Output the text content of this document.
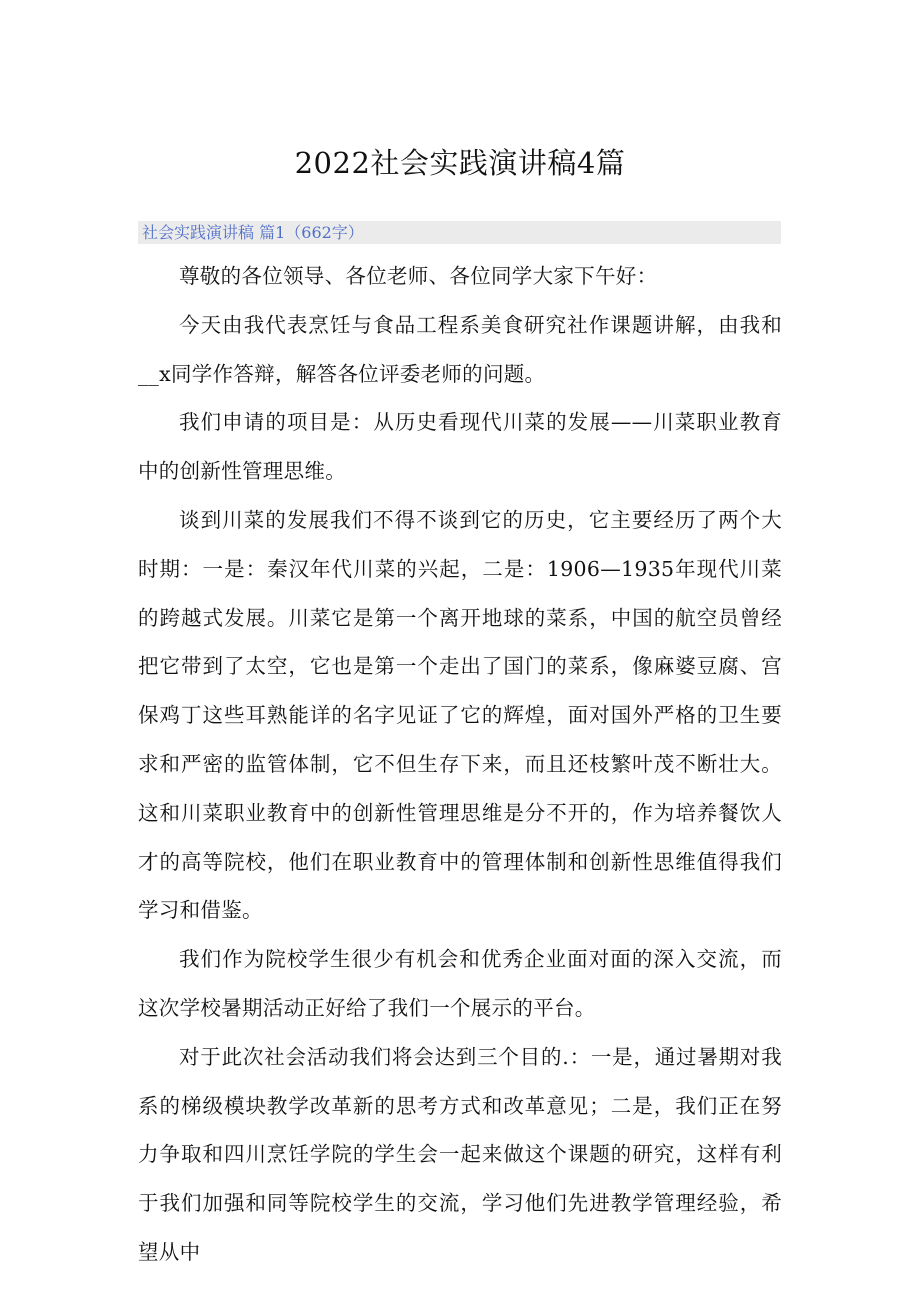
2022社会实践演讲稿4篇
社会实践演讲稿 篇1（662字）

尊敬的各位领导、各位老师、各位同学大家下午好：

今天由我代表烹饪与食品工程系美食研究社作课题讲解，由我和__x同学作答辩，解答各位评委老师的问题。

我们申请的项目是：从历史看现代川菜的发展——川菜职业教育中的创新性管理思维。

谈到川菜的发展我们不得不谈到它的历史，它主要经历了两个大时期：一是：秦汉年代川菜的兴起，二是：1906—1935年现代川菜的跨越式发展。川菜它是第一个离开地球的菜系，中国的航空员曾经把它带到了太空，它也是第一个走出了国门的菜系，像麻婆豆腐、宫保鸡丁这些耳熟能详的名字见证了它的辉煌，面对国外严格的卫生要求和严密的监管体制，它不但生存下来，而且还枝繁叶茂不断壮大。这和川菜职业教育中的创新性管理思维是分不开的，作为培养餐饮人才的高等院校，他们在职业教育中的管理体制和创新性思维值得我们学习和借鉴。

我们作为院校学生很少有机会和优秀企业面对面的深入交流，而这次学校暑期活动正好给了我们一个展示的平台。

对于此次社会活动我们将会达到三个目的.：一是，通过暑期对我系的梯级模块教学改革新的思考方式和改革意见；二是，我们正在努力争取和四川烹饪学院的学生会一起来做这个课题的研究，这样有利于我们加强和同等院校学生的交流，学习他们先进教学管理经验，希望从中
